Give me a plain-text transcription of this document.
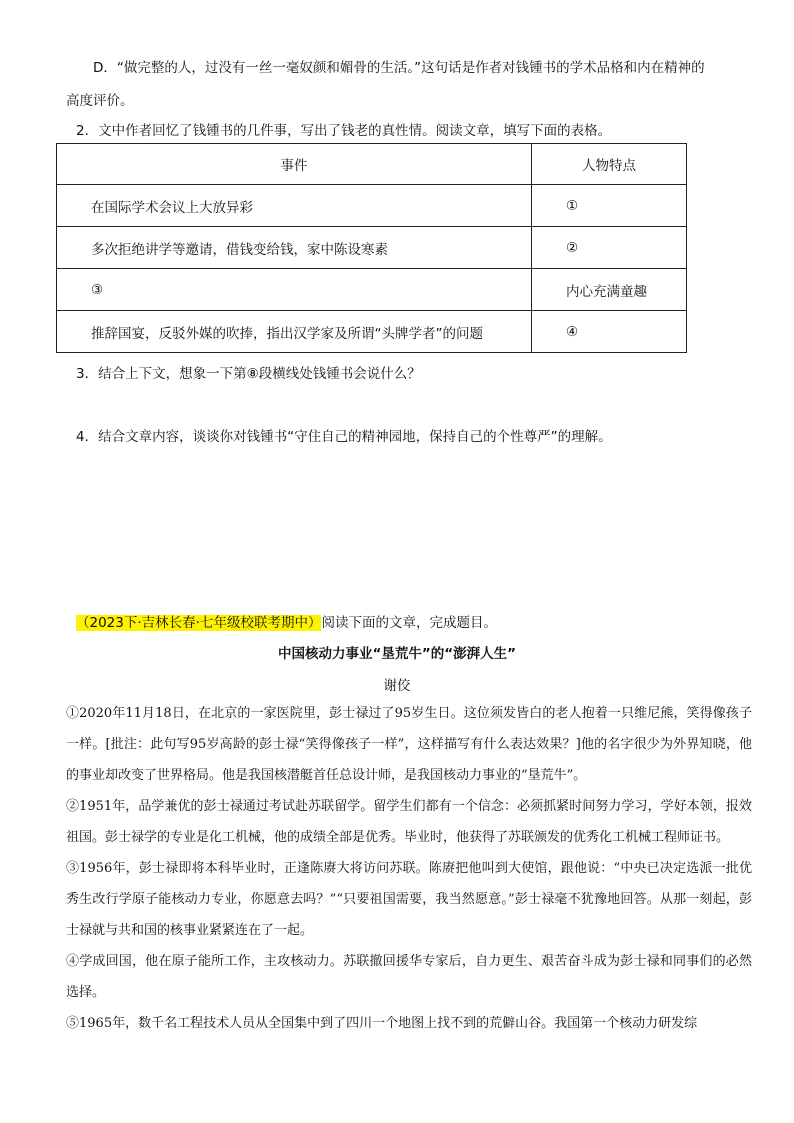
D．“做完整的人，过没有一丝一毫奴颜和媚骨的生活。”这句话是作者对钱锺书的学术品格和内在精神的
高度评价。
2．文中作者回忆了钱锺书的几件事，写出了钱老的真性情。阅读文章，填写下面的表格。
事件	人物特点
在国际学术会议上大放异彩	①
多次拒绝讲学等邀请，借钱变给钱，家中陈设寒素	②
③	内心充满童趣
推辞国宴，反驳外媒的吹捧，指出汉学家及所谓“头牌学者”的问题	④
3．结合上下文，想象一下第⑧段横线处钱锺书会说什么？
4．结合文章内容，谈谈你对钱锺书“守住自己的精神园地，保持自己的个性尊严”的理解。
（2023下·吉林长春·七年级校联考期中）阅读下面的文章，完成题目。
中国核动力事业“垦荒牛”的“澎湃人生”
谢佼

①2020年11月18日，在北京的一家医院里，彭士禄过了95岁生日。这位须发皆白的老人抱着一只维尼熊，笑得像孩子一样。[批注：此句写95岁高龄的彭士禄“笑得像孩子一样”，这样描写有什么表达效果？]他的名字很少为外界知晓，他的事业却改变了世界格局。他是我国核潜艇首任总设计师，是我国核动力事业的“垦荒牛”。

②1951年，品学兼优的彭士禄通过考试赴苏联留学。留学生们都有一个信念：必须抓紧时间努力学习，学好本领，报效祖国。彭士禄学的专业是化工机械，他的成绩全部是优秀。毕业时，他获得了苏联颁发的优秀化工机械工程师证书。

③1956年，彭士禄即将本科毕业时，正逢陈赓大将访问苏联。陈赓把他叫到大使馆，跟他说：“中央已决定选派一批优秀生改行学原子能核动力专业，你愿意去吗？”“只要祖国需要，我当然愿意。”彭士禄毫不犹豫地回答。从那一刻起，彭士禄就与共和国的核事业紧紧连在了一起。

④学成回国，他在原子能所工作，主攻核动力。苏联撤回援华专家后，自力更生、艰苦奋斗成为彭士禄和同事们的必然选择。

⑤1965年，数千名工程技术人员从全国集中到了四川一个地图上找不到的荒僻山谷。我国第一个核动力研发综
